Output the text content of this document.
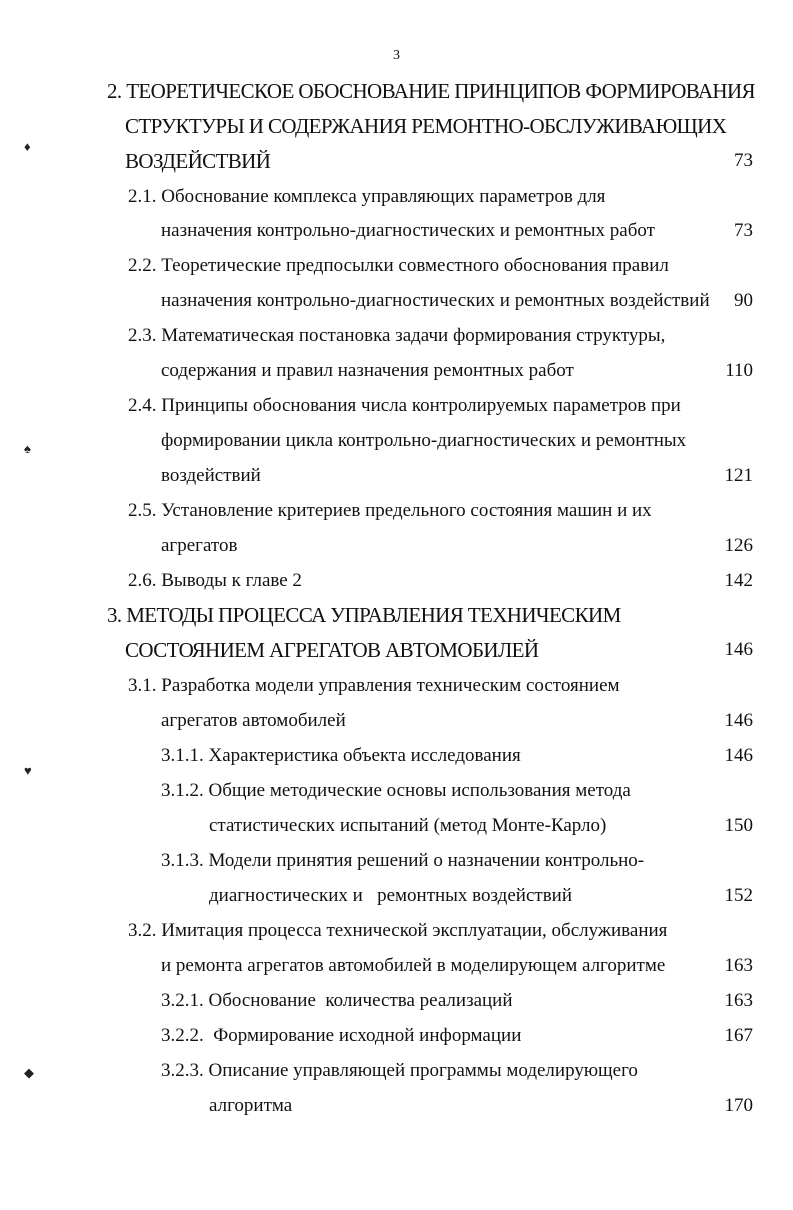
3
♦
♠
♥
◆
2. ТЕОРЕТИЧЕСКОЕ ОБОСНОВАНИЕ ПРИНЦИПОВ ФОРМИРОВАНИЯ
СТРУКТУРЫ И СОДЕРЖАНИЯ РЕМОНТНО-ОБСЛУЖИВАЮЩИХ
ВОЗДЕЙСТВИЙ	73
2.1. Обоснование комплекса управляющих параметров для
назначения контрольно-диагностических и ремонтных работ	73
2.2. Теоретические предпосылки совместного обоснования правил
назначения контрольно-диагностических и ремонтных воздействий 90
2.3. Математическая постановка задачи формирования структуры,
содержания и правил назначения ремонтных работ	110
2.4. Принципы обоснования числа контролируемых параметров при
формировании цикла контрольно-диагностических и ремонтных
воздействий	121
2.5. Установление критериев предельного состояния машин и их
агрегатов	126
2.6. Выводы к главе 2	142
3. МЕТОДЫ ПРОЦЕССА УПРАВЛЕНИЯ ТЕХНИЧЕСКИМ
СОСТОЯНИЕМ АГРЕГАТОВ АВТОМОБИЛЕЙ	146
3.1. Разработка модели управления техническим состоянием
агрегатов автомобилей	146
3.1.1. Характеристика объекта исследования	146
3.1.2. Общие методические основы использования метода
статистических испытаний (метод Монте-Карло)	150
3.1.3. Модели принятия решений о назначении контрольно-
диагностических и   ремонтных воздействий	152
3.2. Имитация процесса технической эксплуатации, обслуживания
и ремонта агрегатов автомобилей в моделирующем алгоритме	163
3.2.1. Обоснование  количества реализаций	163
3.2.2.  Формирование исходной информации	167
3.2.3. Описание управляющей программы моделирующего
алгоритма	170
